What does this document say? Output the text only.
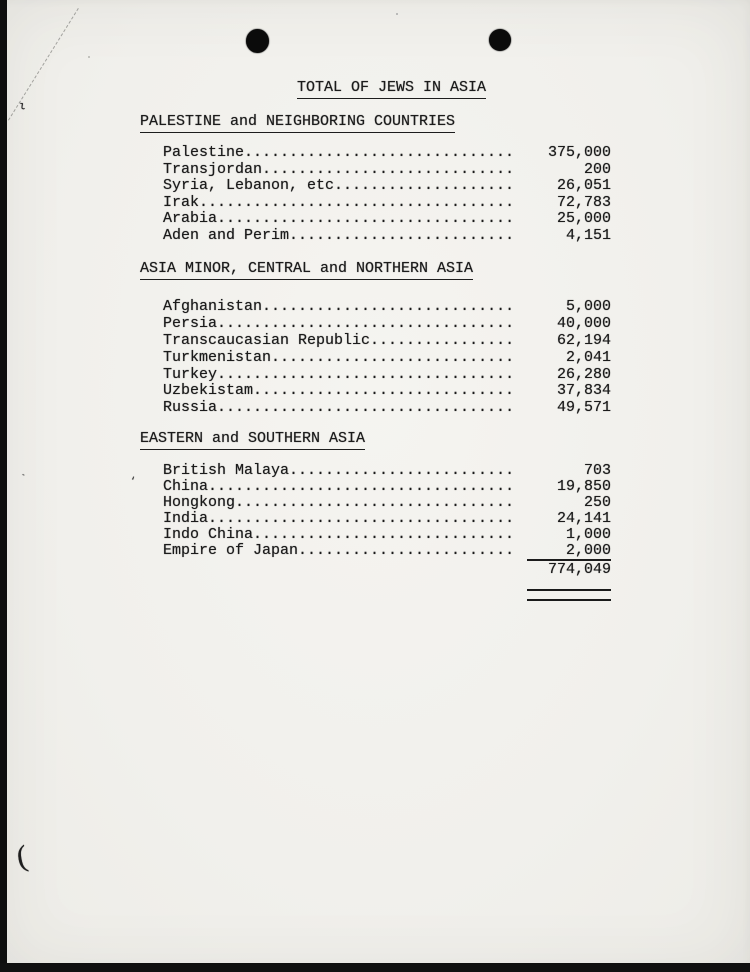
ι
(
`	‘
TOTAL OF JEWS IN ASIA
PALESTINE and NEIGHBORING COUNTRIES
Palestine ..............................	375,000
Transjordan ............................	200
Syria, Lebanon, etc ....................	26,051
Irak ...................................	72,783
Arabia .................................	25,000
Aden and Perim .........................	4,151
ASIA MINOR, CENTRAL and NORTHERN ASIA
Afghanistan ............................	5,000
Persia .................................	40,000
Transcaucasian Republic ................	62,194
Turkmenistan ...........................	2,041
Turkey .................................	26,280
Uzbekistam .............................	37,834
Russia .................................	49,571
EASTERN and SOUTHERN ASIA
British Malaya .........................	703
China ..................................	19,850
Hongkong ...............................	250
India ..................................	24,141
Indo China .............................	1,000
Empire of Japan ........................	2,000
774,049
